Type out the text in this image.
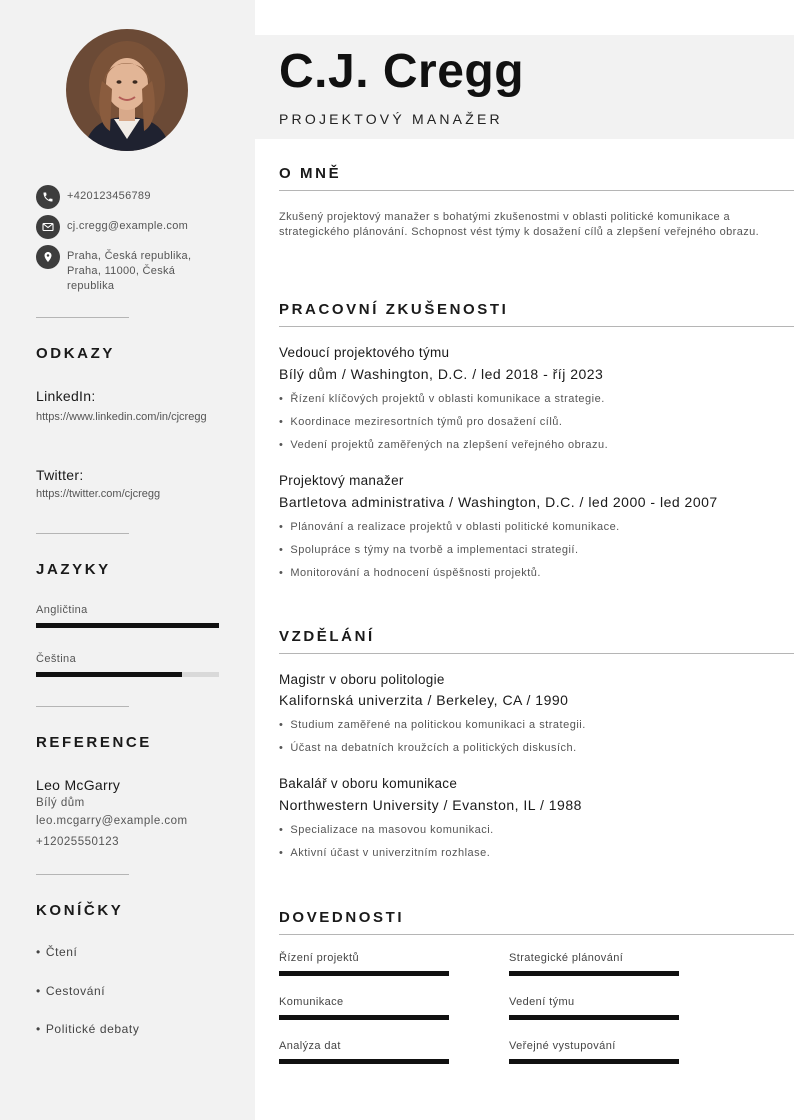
+420123456789
cj.cregg@example.com
Praha, Česká republika, Praha, 11000, Česká republika
ODKAZY
LinkedIn:
https://www.linkedin.com/in/cjcregg
Twitter:
https://twitter.com/cjcregg
JAZYKY
Angličtina
Čeština
REFERENCE
Leo McGarry
Bílý dům
leo.mcgarry@example.com
+12025550123
KONÍČKY
• Čtení
• Cestování
• Politické debaty
C.J. Cregg
PROJEKTOVÝ MANAŽER
O MNĚ
Zkušený projektový manažer s bohatými zkušenostmi v oblasti politické komunikace a strategického plánování. Schopnost vést týmy k dosažení cílů a zlepšení veřejného obrazu.
PRACOVNÍ ZKUŠENOSTI
Vedoucí projektového týmu
Bílý dům / Washington, D.C. / led 2018 - říj 2023
• Řízení klíčových projektů v oblasti komunikace a strategie.
• Koordinace meziresortních týmů pro dosažení cílů.
• Vedení projektů zaměřených na zlepšení veřejného obrazu.
Projektový manažer
Bartletova administrativa / Washington, D.C. / led 2000 - led 2007
• Plánování a realizace projektů v oblasti politické komunikace.
• Spolupráce s týmy na tvorbě a implementaci strategií.
• Monitorování a hodnocení úspěšnosti projektů.
VZDĚLÁNÍ
Magistr v oboru politologie
Kalifornská univerzita / Berkeley, CA / 1990
• Studium zaměřené na politickou komunikaci a strategii.
• Účast na debatních kroužcích a politických diskusích.
Bakalář v oboru komunikace
Northwestern University / Evanston, IL / 1988
• Specializace na masovou komunikaci.
• Aktivní účast v univerzitním rozhlase.
DOVEDNOSTI
Řízení projektů	Strategické plánování
Komunikace	Vedení týmu
Analýza dat	Veřejné vystupování
